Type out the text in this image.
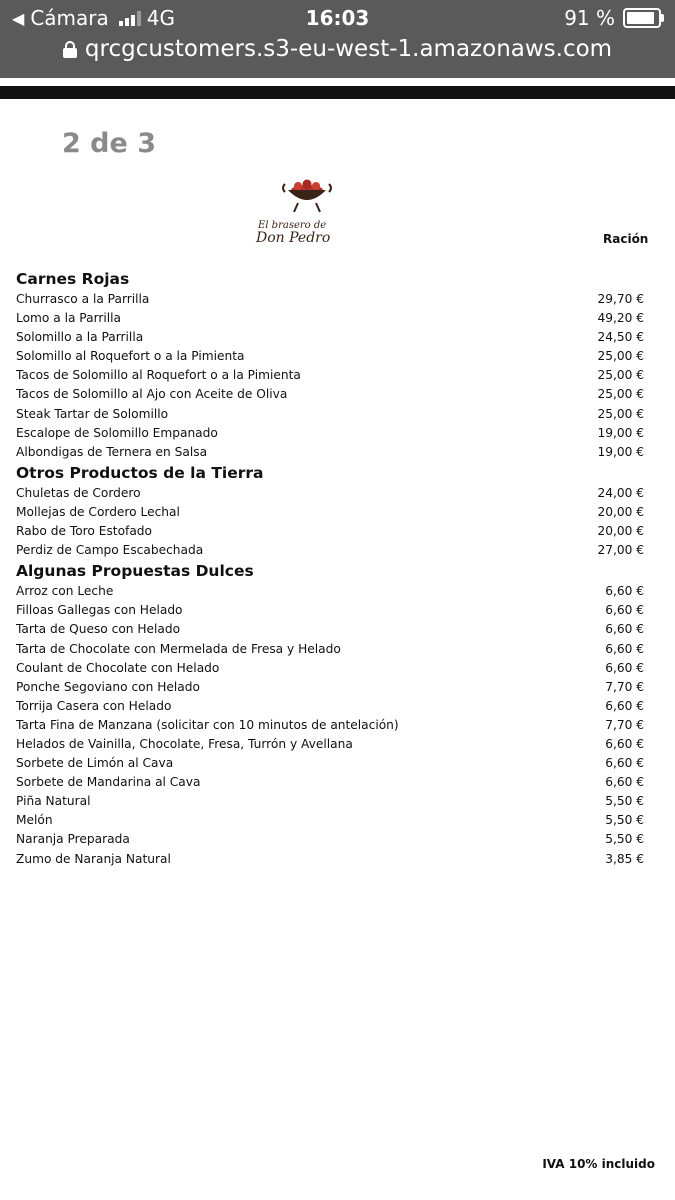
◀ Cámara 4G	16:03	91 %
qrcgcustomers.s3-eu-west-1.amazonaws.com
2 de 3
El brasero de
Don Pedro	Ración
Carnes Rojas
Churrasco a la Parrilla	29,70 €
Lomo a la Parrilla	49,20 €
Solomillo a la Parrilla	24,50 €
Solomillo al Roquefort o a la Pimienta	25,00 €
Tacos de Solomillo al Roquefort o a la Pimienta	25,00 €
Tacos de Solomillo al Ajo con Aceite de Oliva	25,00 €
Steak Tartar de Solomillo	25,00 €
Escalope de Solomillo Empanado	19,00 €
Albondigas de Ternera en Salsa	19,00 €
Otros Productos de la Tierra
Chuletas de Cordero	24,00 €
Mollejas de Cordero Lechal	20,00 €
Rabo de Toro Estofado	20,00 €
Perdiz de Campo Escabechada	27,00 €
Algunas Propuestas Dulces
Arroz con Leche	6,60 €
Filloas Gallegas con Helado	6,60 €
Tarta de Queso con Helado	6,60 €
Tarta de Chocolate con Mermelada de Fresa y Helado	6,60 €
Coulant de Chocolate con Helado	6,60 €
Ponche Segoviano con Helado	7,70 €
Torrija Casera con Helado	6,60 €
Tarta Fina de Manzana (solicitar con 10 minutos de antelación)	7,70 €
Helados de Vainilla, Chocolate, Fresa, Turrón y Avellana	6,60 €
Sorbete de Limón al Cava	6,60 €
Sorbete de Mandarina al Cava	6,60 €
Piña Natural	5,50 €
Melón	5,50 €
Naranja Preparada	5,50 €
Zumo de Naranja Natural	3,85 €
IVA 10% incluido
